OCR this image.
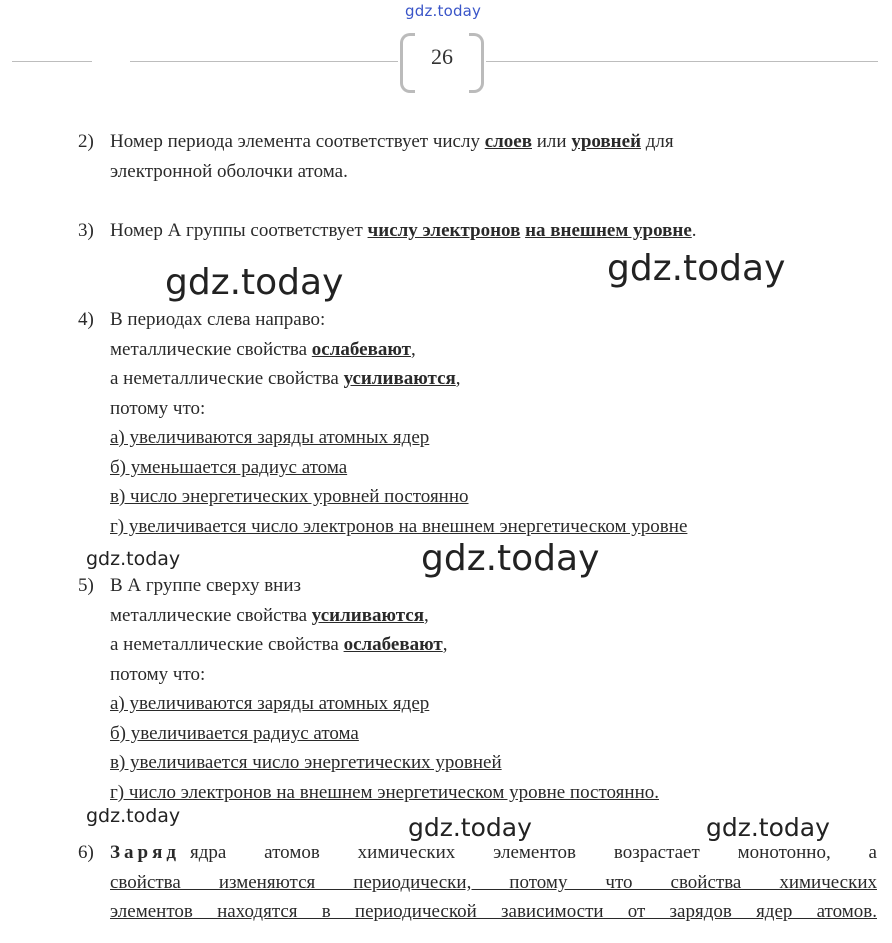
gdz.today
26
2) Номер периода элемента соответствует числу слоев или уровней для
электронной оболочки атома.
3) Номер А группы соответствует числу электронов на внешнем уровне.
4) В периодах слева направо:
металлические свойства ослабевают,
а неметаллические свойства усиливаются,
потому что:
а) увеличиваются заряды атомных ядер
б) уменьшается радиус атома
в) число энергетических уровней постоянно
г) увеличивается число электронов на внешнем энергетическом уровне
5) В А группе сверху вниз
металлические свойства усиливаются,
а неметаллические свойства ослабевают,
потому что:
а) увеличиваются заряды атомных ядер
б) увеличивается радиус атома
в) увеличивается число энергетических уровней
г) число электронов на внешнем энергетическом уровне постоянно.
6) Заряд ядра атомов химических элементов возрастает монотонно, а
свойства изменяются периодически, потому что свойства химических
элементов находятся в периодической зависимости от зарядов ядер атомов.
gdz.today	gdz.today
gdz.today	gdz.today
gdz.today	gdz.today	gdz.today
